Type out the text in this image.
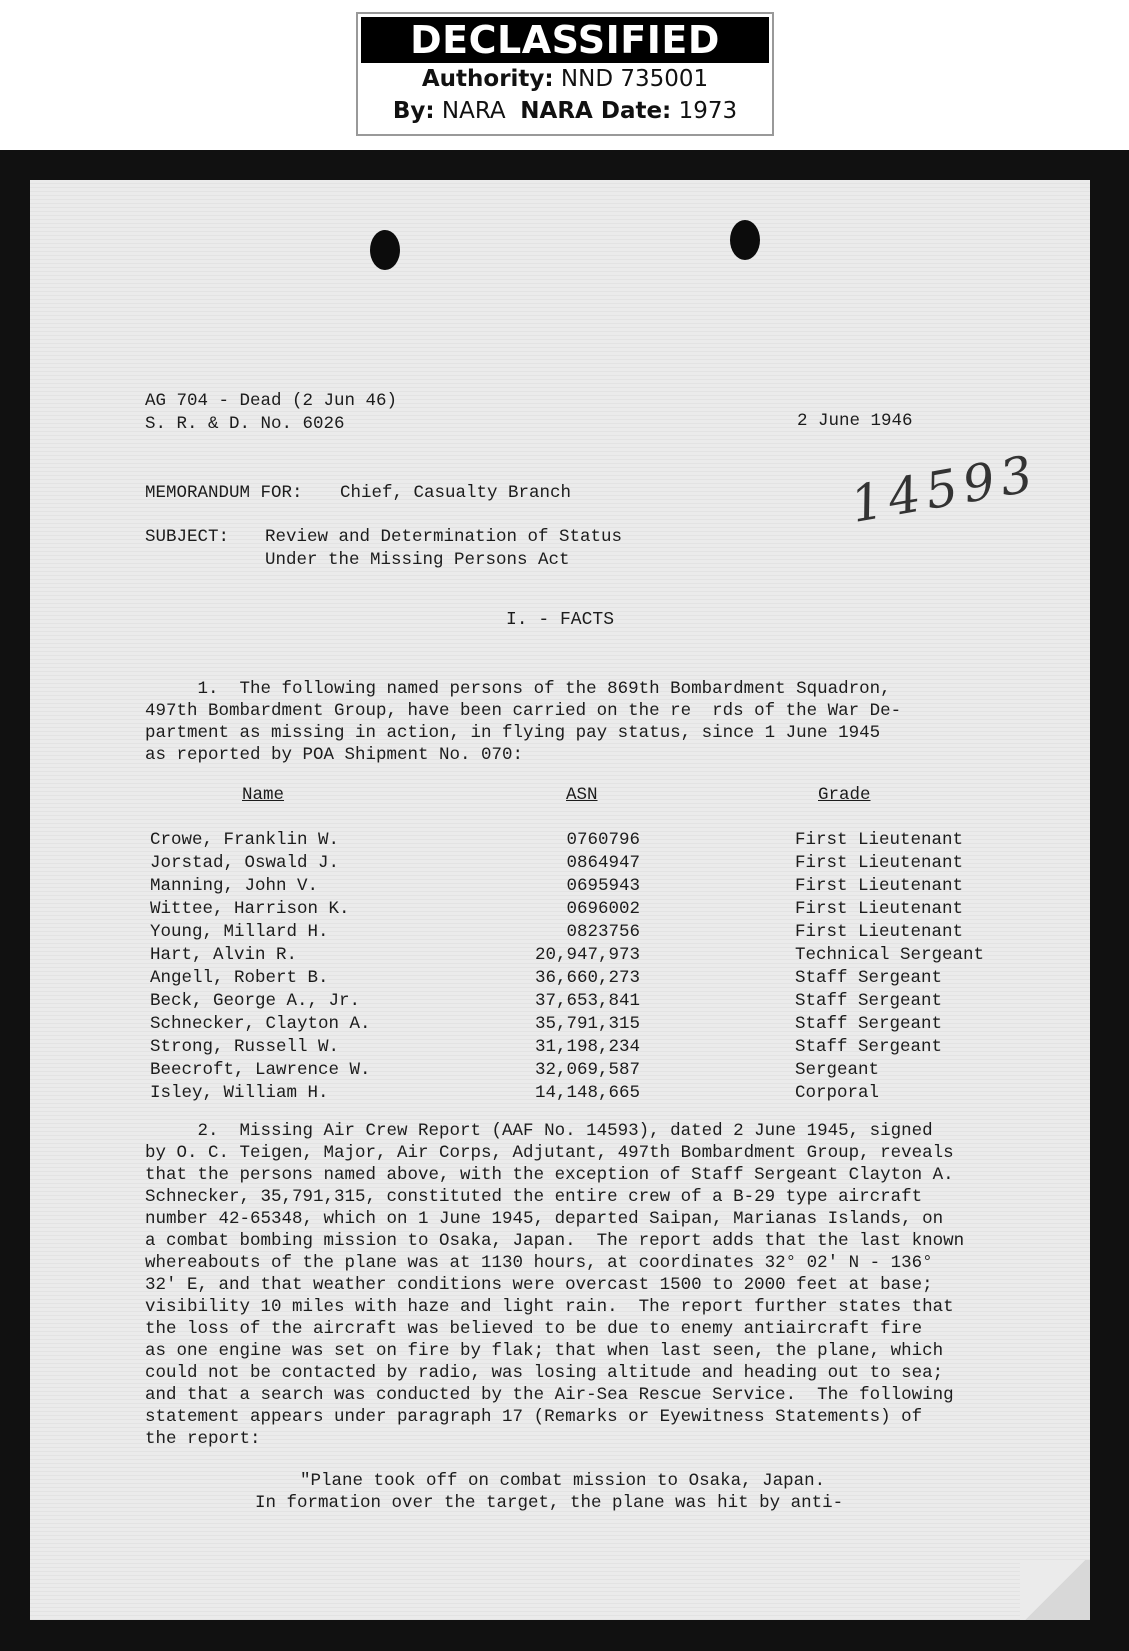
DECLASSIFIED
Authority: NND 735001
By: NARA NARA Date: 1973
AG 704 - Dead (2 Jun 46)
S. R. & D. No. 6026	2 June 1946
14593
MEMORANDUM FOR: Chief, Casualty Branch
SUBJECT: Review and Determination of Status
Under the Missing Persons Act
I. - FACTS
1.  The following named persons of the 869th Bombardment Squadron,
497th Bombardment Group, have been carried on the re  rds of the War De-
partment as missing in action, in flying pay status, since 1 June 1945
as reported by POA Shipment No. 070:
Name	ASN	Grade
Crowe, Franklin W.	0760796	First Lieutenant
Jorstad, Oswald J.	0864947	First Lieutenant
Manning, John V.	0695943	First Lieutenant
Wittee, Harrison K.	0696002	First Lieutenant
Young, Millard H.	0823756	First Lieutenant
Hart, Alvin R.	20,947,973	Technical Sergeant
Angell, Robert B.	36,660,273	Staff Sergeant
Beck, George A., Jr.	37,653,841	Staff Sergeant
Schnecker, Clayton A.	35,791,315	Staff Sergeant
Strong, Russell W.	31,198,234	Staff Sergeant
Beecroft, Lawrence W.	32,069,587	Sergeant
Isley, William H.	14,148,665	Corporal
2.  Missing Air Crew Report (AAF No. 14593), dated 2 June 1945, signed
by O. C. Teigen, Major, Air Corps, Adjutant, 497th Bombardment Group, reveals
that the persons named above, with the exception of Staff Sergeant Clayton A.
Schnecker, 35,791,315, constituted the entire crew of a B-29 type aircraft
number 42-65348, which on 1 June 1945, departed Saipan, Marianas Islands, on
a combat bombing mission to Osaka, Japan.  The report adds that the last known
whereabouts of the plane was at 1130 hours, at coordinates 32° 02' N - 136°
32' E, and that weather conditions were overcast 1500 to 2000 feet at base;
visibility 10 miles with haze and light rain.  The report further states that
the loss of the aircraft was believed to be due to enemy antiaircraft fire
as one engine was set on fire by flak; that when last seen, the plane, which
could not be contacted by radio, was losing altitude and heading out to sea;
and that a search was conducted by the Air-Sea Rescue Service.  The following
statement appears under paragraph 17 (Remarks or Eyewitness Statements) of
the report:
"Plane took off on combat mission to Osaka, Japan.
In formation over the target, the plane was hit by anti-
